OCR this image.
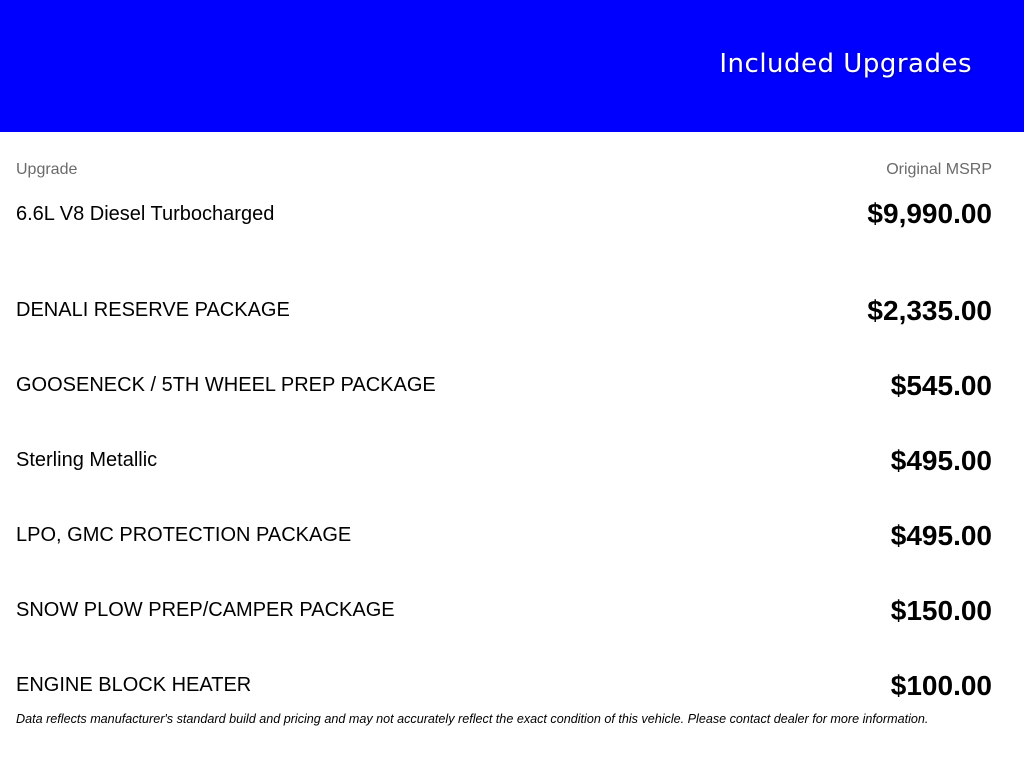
Included Upgrades
Upgrade	Original MSRP
6.6L V8 Diesel Turbocharged	$9,990.00
DENALI RESERVE PACKAGE	$2,335.00
GOOSENECK / 5TH WHEEL PREP PACKAGE	$545.00
Sterling Metallic	$495.00
LPO, GMC PROTECTION PACKAGE	$495.00
SNOW PLOW PREP/CAMPER PACKAGE	$150.00
ENGINE BLOCK HEATER	$100.00
Data reflects manufacturer's standard build and pricing and may not accurately reflect the exact condition of this vehicle. Please contact dealer for more information.
